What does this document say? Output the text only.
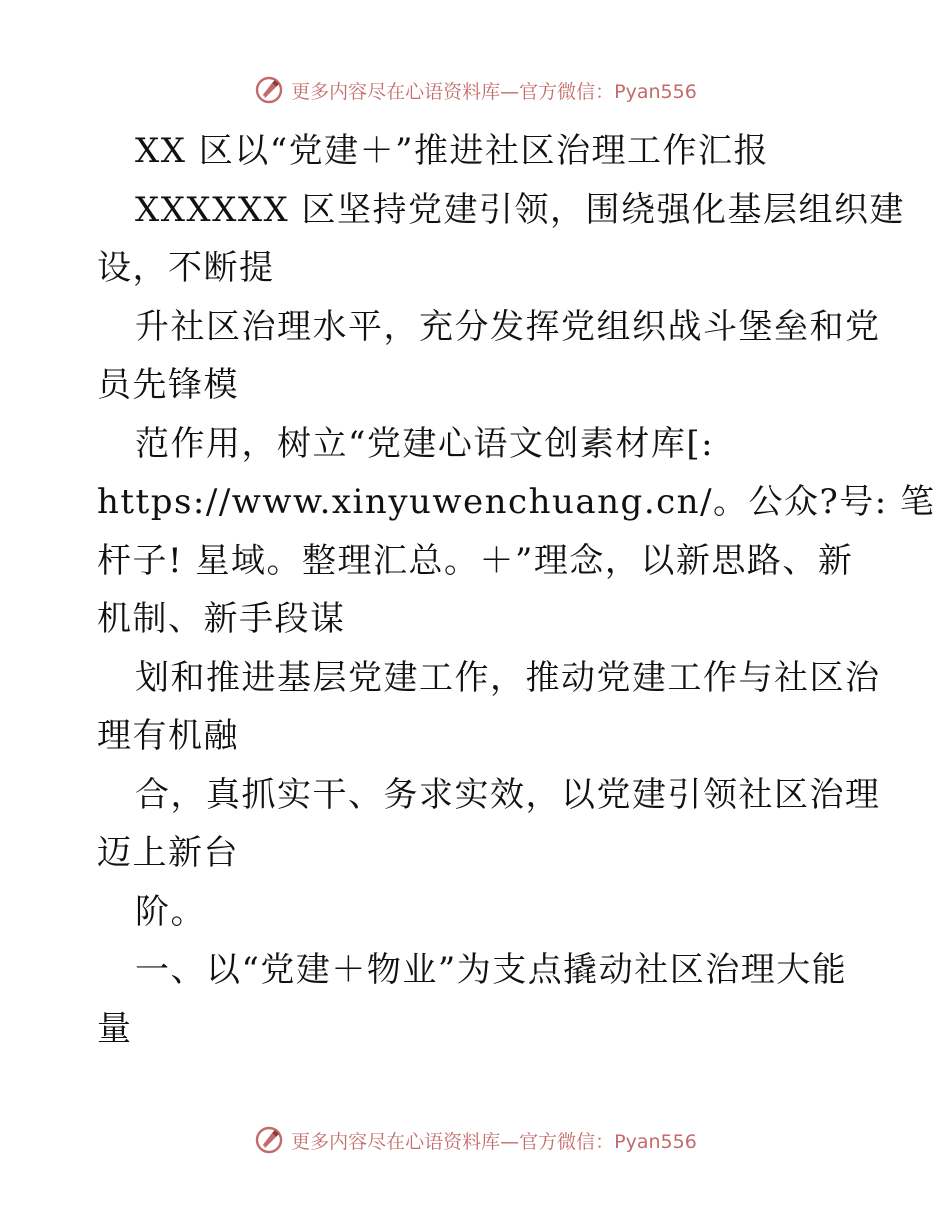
更多内容尽在心语资料库—官方微信：Pyan556
XX 区以“党建＋”推进社区治理工作汇报
XXXXXX 区坚持党建引领，围绕强化基层组织建
设，不断提
升社区治理水平，充分发挥党组织战斗堡垒和党
员先锋模
范作用，树立“党建心语文创素材库[:
https://www.xinyuwenchuang.cn/。公众?号: 笔
杆子! 星域。整理汇总。＋”理念，以新思路、新
机制、新手段谋
划和推进基层党建工作，推动党建工作与社区治
理有机融
合，真抓实干、务求实效，以党建引领社区治理
迈上新台
阶。
一、以“党建＋物业”为支点撬动社区治理大能
量
更多内容尽在心语资料库—官方微信：Pyan556
